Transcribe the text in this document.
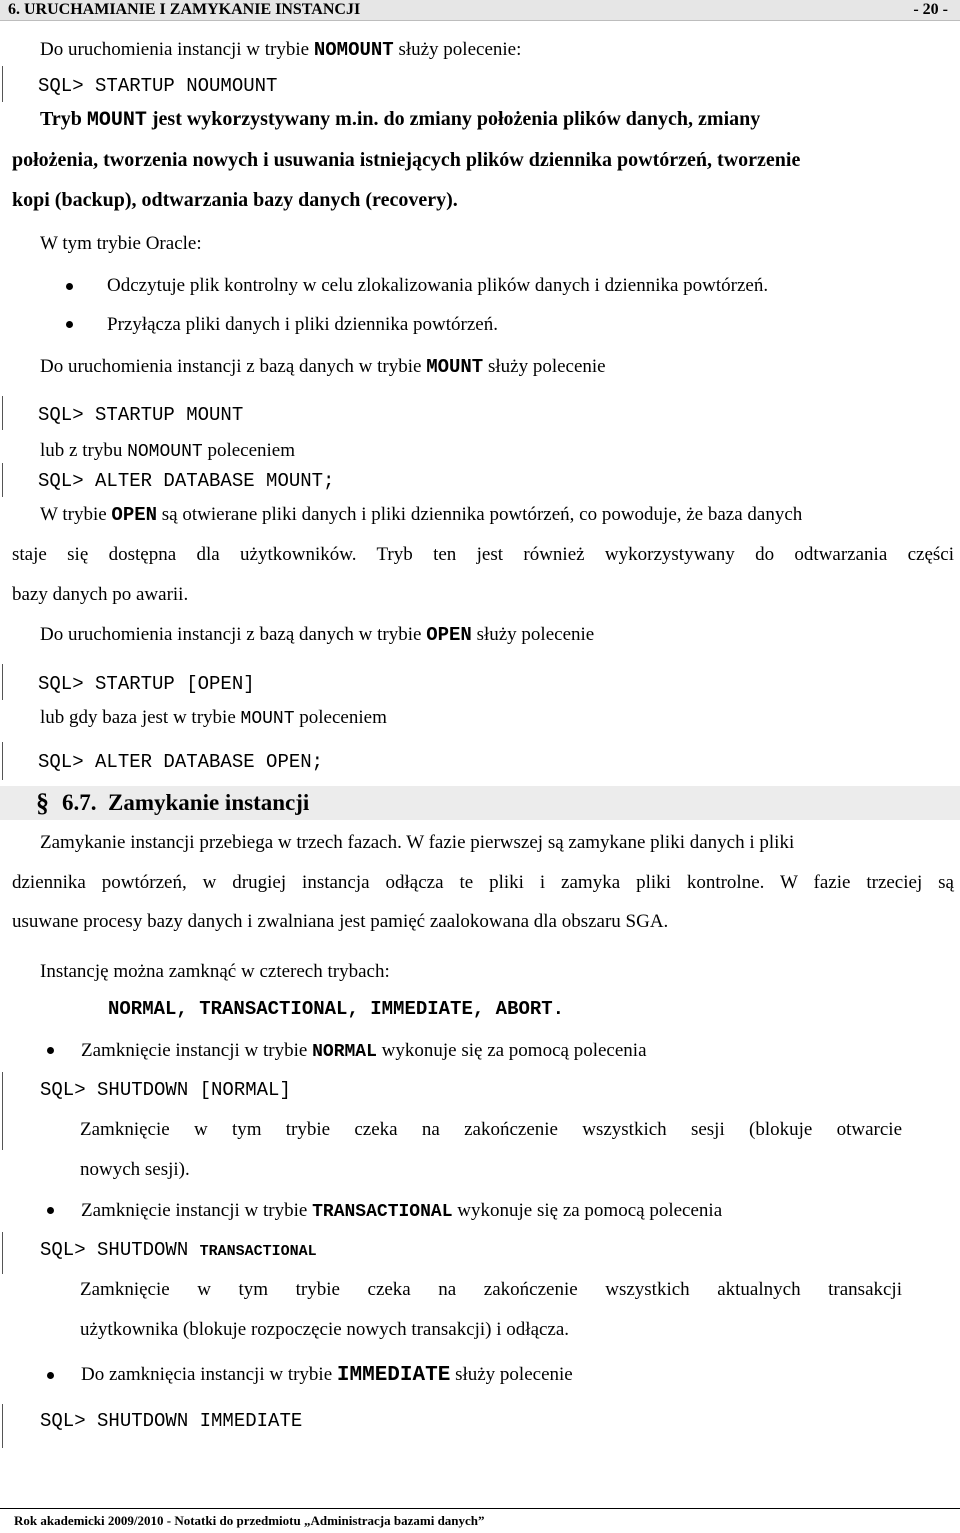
6. URUCHAMIANIE I ZAMYKANIE INSTANCJI	- 20 -
Do uruchomienia instancji w trybie NOMOUNT służy polecenie:
SQL> STARTUP NOUMOUNT
Tryb MOUNT jest wykorzystywany m.in. do zmiany położenia plików danych, zmiany
położenia, tworzenia nowych i usuwania istniejących plików dziennika powtórzeń, tworzenie
kopi (backup), odtwarzania bazy danych (recovery).
W tym trybie Oracle:
Odczytuje plik kontrolny w celu zlokalizowania plików danych i dziennika powtórzeń.
Przyłącza pliki danych i pliki dziennika powtórzeń.
Do uruchomienia instancji z bazą danych w trybie MOUNT służy polecenie
SQL> STARTUP MOUNT
lub z trybu NOMOUNT poleceniem
SQL> ALTER DATABASE MOUNT;
W trybie OPEN są otwierane pliki danych i pliki dziennika powtórzeń, co powoduje, że baza danych
staje się dostępna dla użytkowników. Tryb ten jest również wykorzystywany do odtwarzania części
bazy danych po awarii.
Do uruchomienia instancji z bazą danych w trybie OPEN służy polecenie
SQL> STARTUP [OPEN]
lub gdy baza jest w trybie MOUNT poleceniem
SQL> ALTER DATABASE OPEN;
§ 6.7. Zamykanie instancji
Zamykanie instancji przebiega w trzech fazach. W fazie pierwszej są zamykane pliki danych i pliki
dziennika powtórzeń, w drugiej instancja odłącza te pliki i zamyka pliki kontrolne. W fazie trzeciej są
usuwane procesy bazy danych i zwalniana jest pamięć zaalokowana dla obszaru SGA.
Instancję można zamknąć w czterech trybach:
NORMAL, TRANSACTIONAL, IMMEDIATE, ABORT.
Zamknięcie instancji w trybie NORMAL wykonuje się za pomocą polecenia
SQL> SHUTDOWN [NORMAL]
Zamknięcie w tym trybie czeka na zakończenie wszystkich sesji (blokuje otwarcie
nowych sesji).
Zamknięcie instancji w trybie TRANSACTIONAL wykonuje się za pomocą polecenia
SQL> SHUTDOWN TRANSACTIONAL
Zamknięcie w tym trybie czeka na zakończenie wszystkich aktualnych transakcji
użytkownika (blokuje rozpoczęcie nowych transakcji) i odłącza.
Do zamknięcia instancji w trybie IMMEDIATE służy polecenie
SQL> SHUTDOWN IMMEDIATE
Rok akademicki 2009/2010 - Notatki do przedmiotu „Administracja bazami danych”
